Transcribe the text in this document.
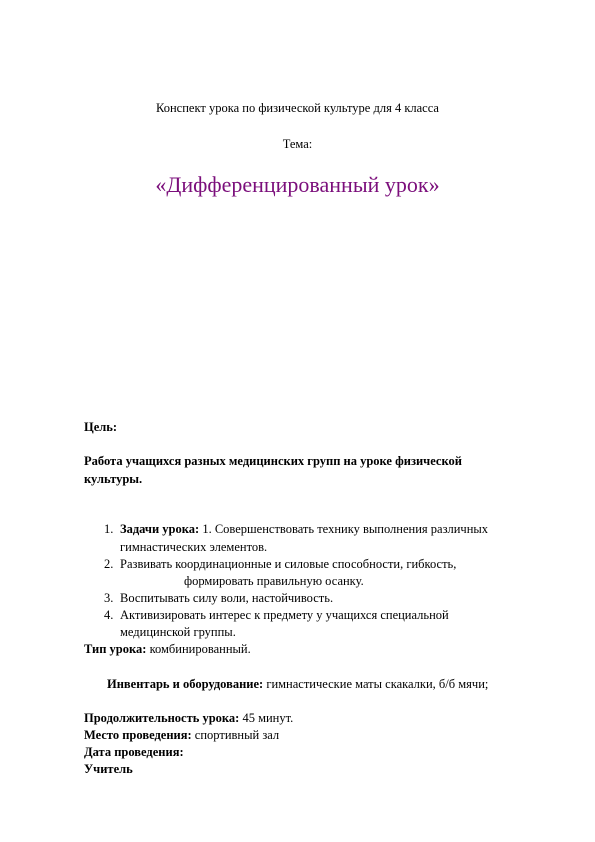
Конспект урока по физической культуре для 4 класса
Тема:
«Дифференцированный урок»
Цель:
Работа учащихся разных медицинских групп на уроке физической
культуры.
1. Задачи урока: 1. Совершенствовать технику выполнения различных
гимнастических элементов.
2. Развивать координационные и силовые способности, гибкость,
формировать правильную осанку.
3. Воспитывать силу воли, настойчивость.
4. Активизировать интерес к предмету у учащихся специальной
медицинской группы.
Тип урока: комбинированный.
Инвентарь и оборудование: гимнастические маты скакалки, б/б мячи;
Продолжительность урока: 45 минут.
Место проведения: спортивный зал
Дата проведения:
Учитель
